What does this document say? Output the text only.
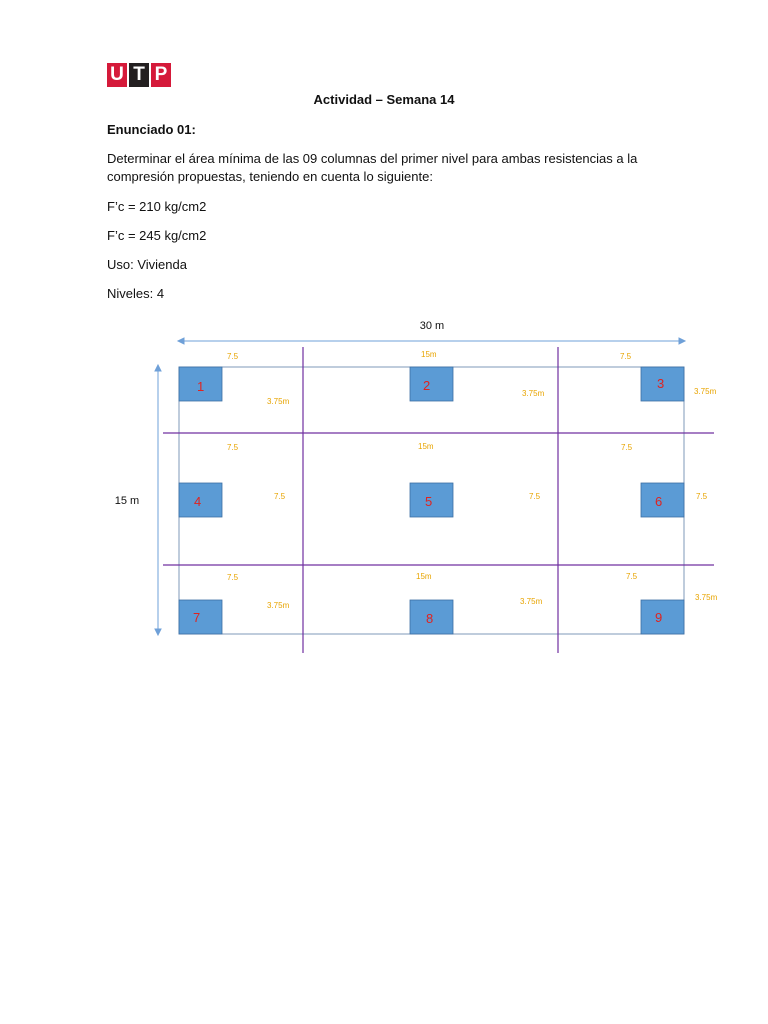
U T P
Actividad – Semana 14
Enunciado 01:
Determinar el área mínima de las 09 columnas del primer nivel para ambas resistencias a la
compresión propuestas, teniendo en cuenta lo siguiente:
F’c = 210 kg/cm2
F’c = 245 kg/cm2
Uso: Vivienda
Niveles: 4
30 m
15 m
1	2	3
4	5	6
7	8	9
7.5	15m	7.5
3.75m
3.75m	3.75m
7.5	15m	7.5
7.5	7.5	7.5
7.5	15m	7.5
3.75m	3.75m	3.75m
